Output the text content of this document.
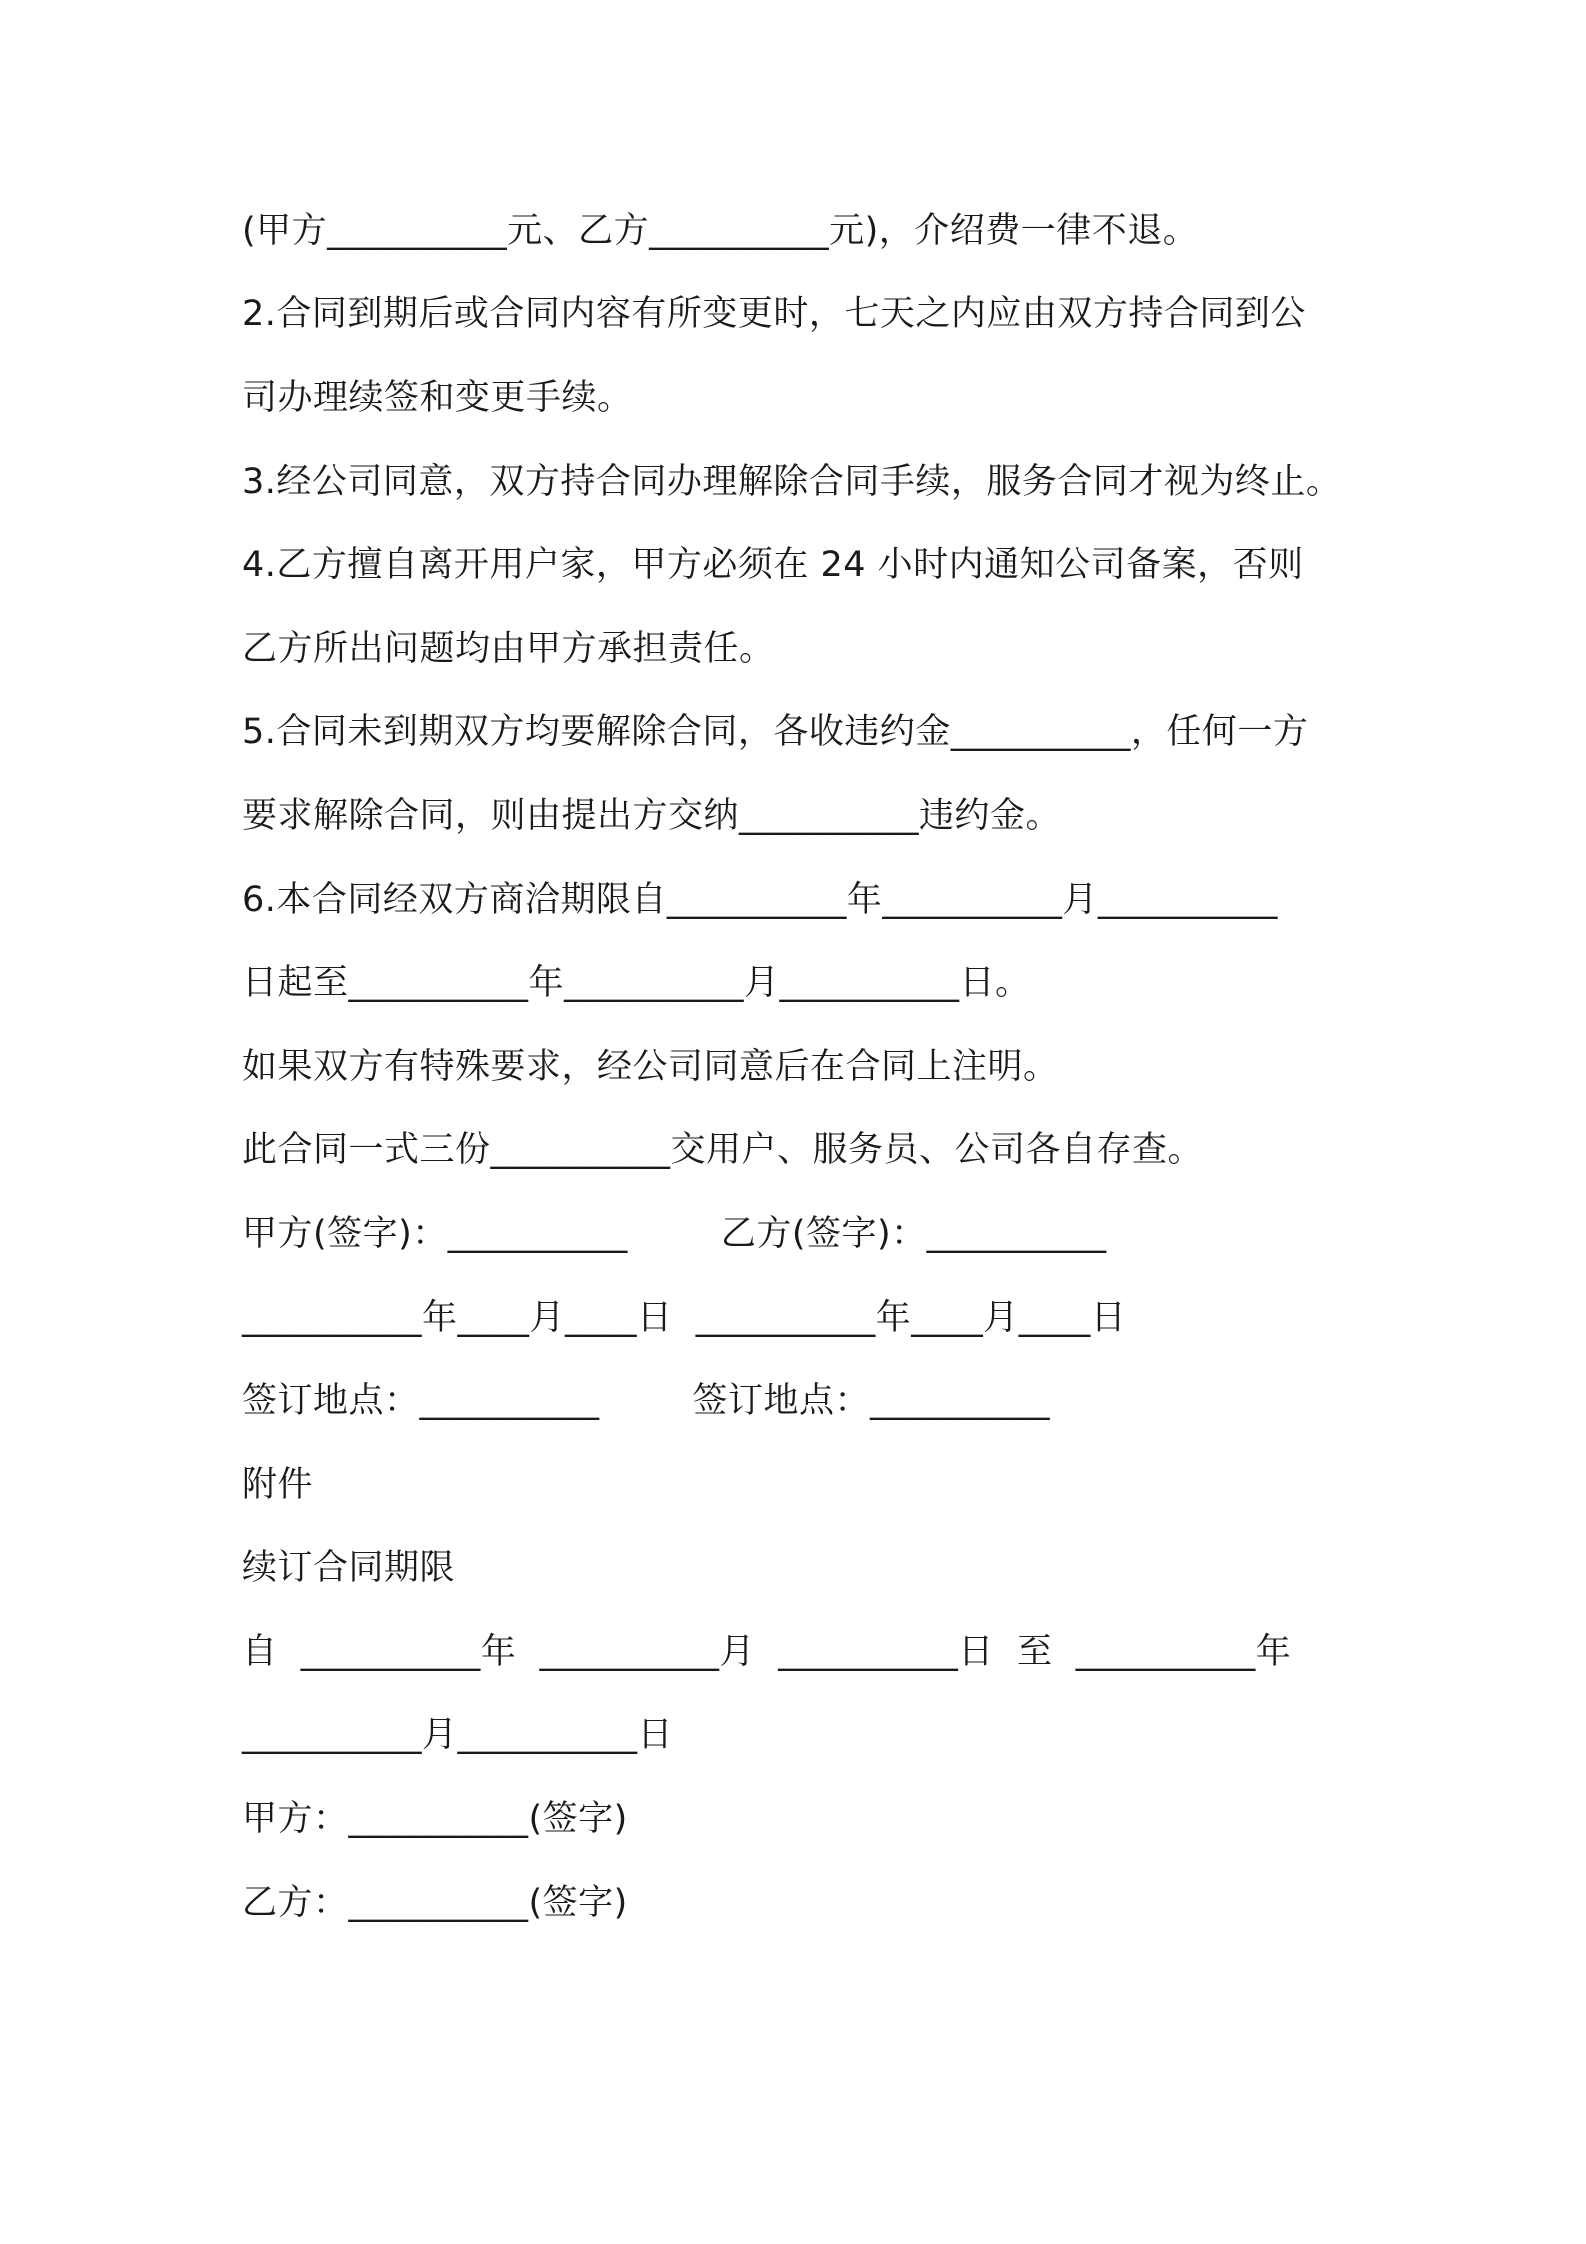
(甲方__________元、乙方__________元)，介绍费一律不退。
2.合同到期后或合同内容有所变更时，七天之内应由双方持合同到公
司办理续签和变更手续。
3.经公司同意，双方持合同办理解除合同手续，服务合同才视为终止。
4.乙方擅自离开用户家，甲方必须在 24 小时内通知公司备案，否则
乙方所出问题均由甲方承担责任。
5.合同未到期双方均要解除合同，各收违约金__________，任何一方
要求解除合同，则由提出方交纳__________违约金。
6.本合同经双方商洽期限自__________年__________月__________
日起至__________年__________月__________日。
如果双方有特殊要求，经公司同意后在合同上注明。
此合同一式三份__________交用户、服务员、公司各自存查。
甲方(签字)：__________        乙方(签字)：__________
__________年____月____日  __________年____月____日
签订地点：__________        签订地点：__________
附件
续订合同期限
自  __________年  __________月  __________日  至  __________年
__________月__________日
甲方：__________(签字)
乙方：__________(签字)
